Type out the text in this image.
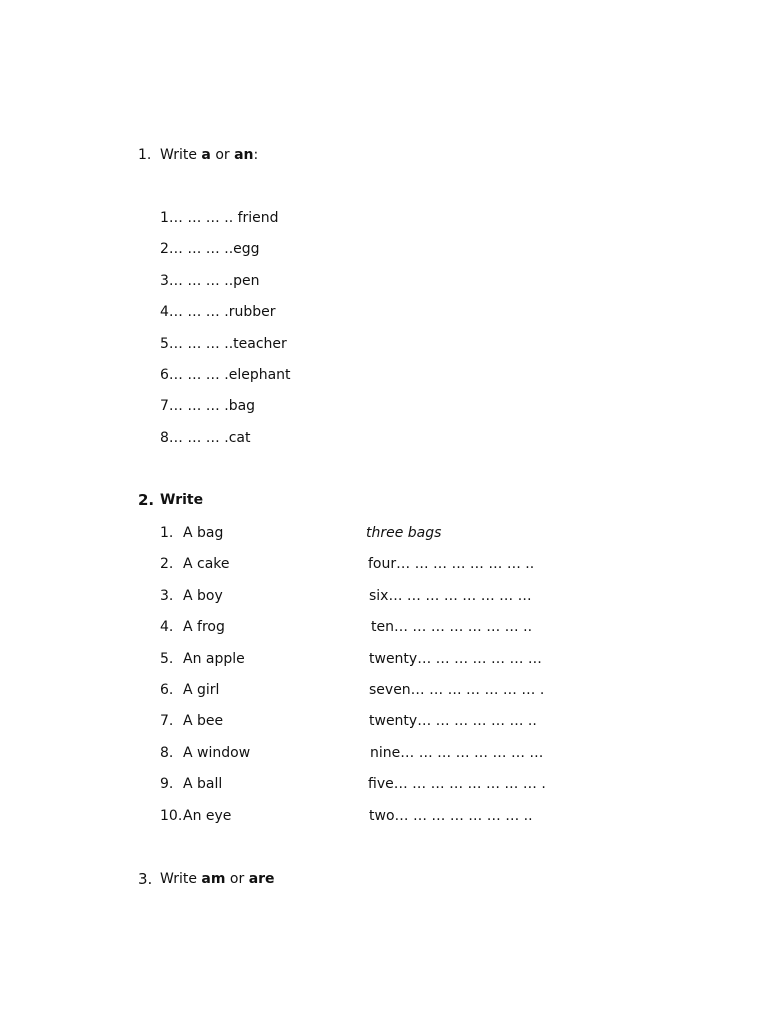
1. Write a or an:
1… … … .. friend
2… … … ..egg
3… … … ..pen
4… … … .rubber
5… … … ..teacher
6… … … .elephant
7… … … .bag
8… … … .cat
2. Write
1. A bag	three bags
2. A cake	four… … … … … … … ..
3. A boy	six… … … … … … … …
4. A frog	ten… … … … … … … ..
5. An apple	twenty… … … … … … …
6. A girl	seven… … … … … … … .
7. A bee	twenty… … … … … … ..
8. A window	nine… … … … … … … …
9. A ball	five… … … … … … … … .
10. An eye	two… … … … … … … ..
3. Write am or are
